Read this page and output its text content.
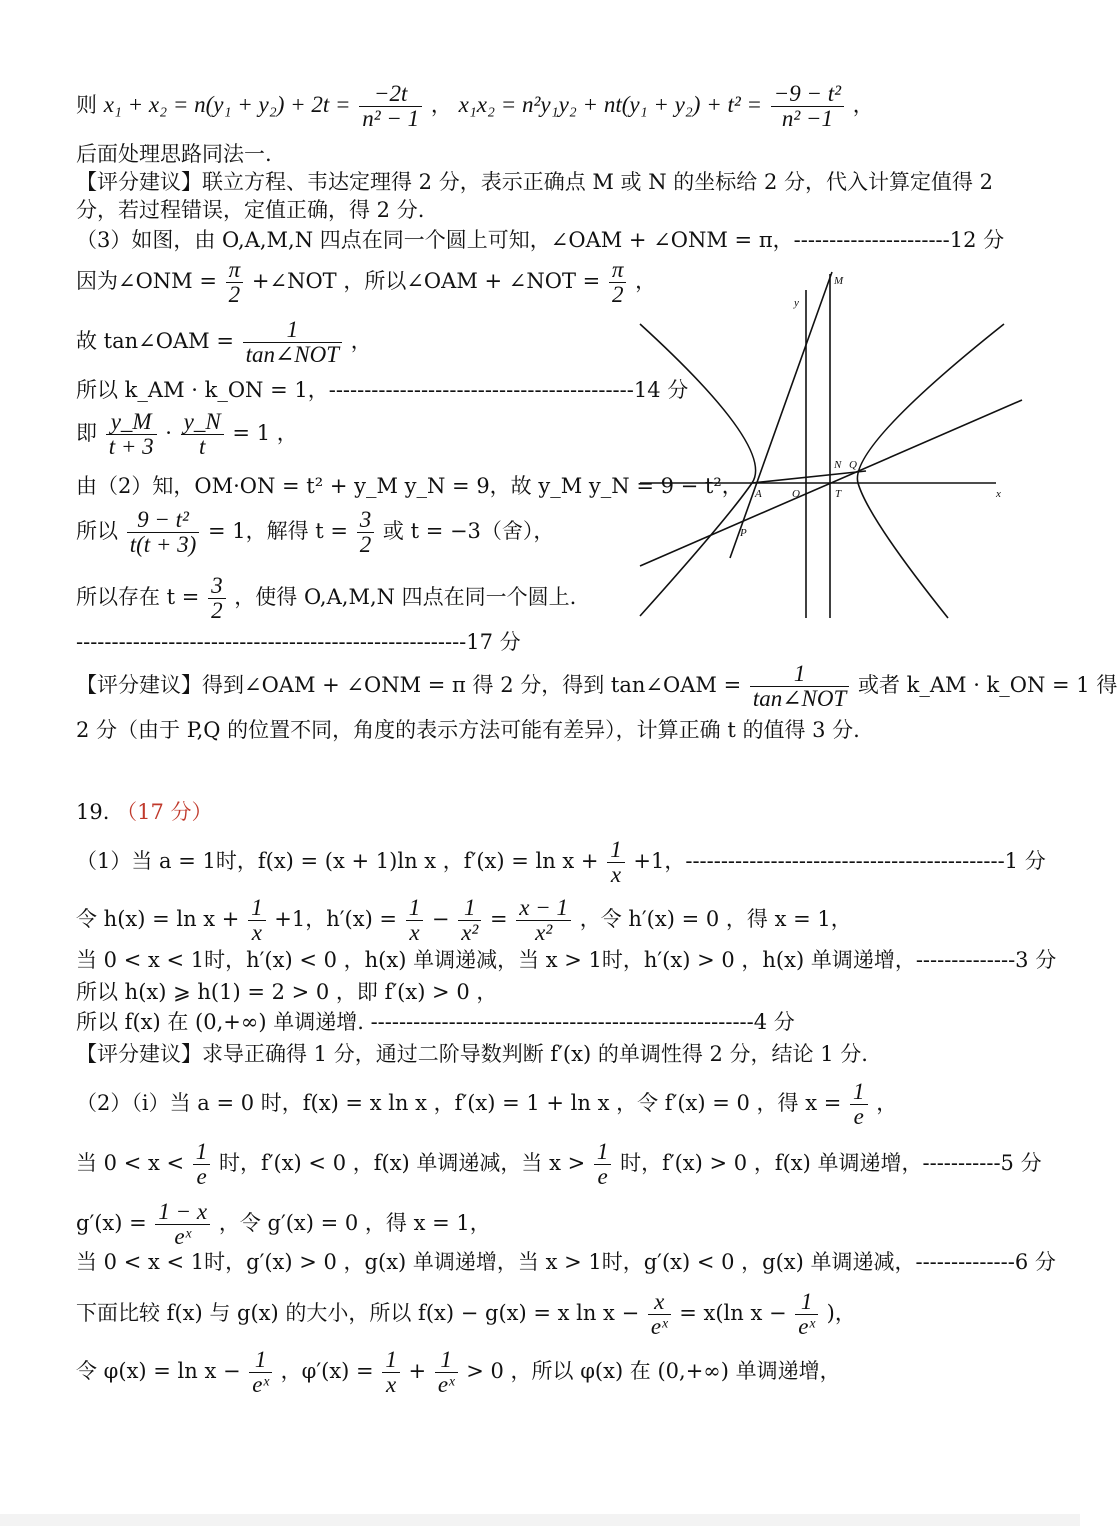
则 $x_1 + x_2 = n(y_1 + y_2) + 2t = \frac{-2t}{\text{n² − 1}}$ ， $x_1x_2 = n^2y_1y_2 + nt(y_1 + y_2) + t^2 = \frac{\text{−9 − t²}}{\text{n² −1}}$ ，
后面处理思路同法一.
【评分建议】联立方程、韦达定理得 2 分，表示正确点 M 或 N 的坐标给 2 分，代入计算定值得 2
分，若过程错误，定值正确，得 2 分.
（3）如图，由 O,A,M,N 四点在同一个圆上可知，∠OAM + ∠ONM = π，----------------------12 分
因为∠ONM = $\frac{\pi}{2}$ +∠NOT ，所以∠OAM + ∠NOT = $\frac{\pi}{2}$ ，
故 tan∠OAM =	1
tan∠NOT
，
所以 k_AM · k_ON = 1，-------------------------------------------14 分
即 $\frac{y\_M}{t + 3} \cdot \frac{y\_N}{t} = 1$ ，
由（2）知，OM·ON = t² + y_M y_N = 9，故 y_M y_N = 9 − t²，
所以 $\frac{\text{9 − t²}}{t(t + 3)} = 1$，解得 $t = \frac{3}{2}$ 或 t = −3（舍），
所以存在 $t = \frac{3}{2}$ ，使得 O,A,M,N 四点在同一个圆上.
-------------------------------------------------------17 分
【评分建议】得到∠OAM + ∠ONM = π 得 2 分，得到 tan∠OAM =	1
tan∠NOT
或者 k_AM · k_ON = 1 得
2 分（由于 P,Q 的位置不同，角度的表示方法可能有差异），计算正确 t 的值得 3 分.
19. （17 分）
（1）当 a = 1时，f(x) = (x + 1)ln x ，$f'(x) = \ln x + \frac{1}{x} +1$，---------------------------------------------1 分
令 $h(x) = \ln x + \frac{1}{x} +1$，$h'(x) = \frac{1}{x} - \frac{1}{\text{x²}} = \frac{x - 1}{\text{x²}}$ ，令 h′(x) = 0 ，得 x = 1，
当 0 < x < 1时，h′(x) < 0 ，h(x) 单调递减，当 x > 1时，h′(x) > 0 ，h(x) 单调递增，--------------3 分
所以 h(x) ⩾ h(1) = 2 > 0 ，即 f′(x) > 0 ，
所以 f(x) 在 (0,+∞) 单调递增. ------------------------------------------------------4 分
【评分建议】求导正确得 1 分，通过二阶导数判断 f′(x) 的单调性得 2 分，结论 1 分.
（2）（i）当 a = 0 时，f(x) = x ln x ，f′(x) = 1 + ln x ，令 f′(x) = 0 ，得 $x = \frac{1}{e}$ ，
当 $0 < x < \frac{1}{e}$ 时，f′(x) < 0 ，f(x) 单调递减，当 $x > \frac{1}{e}$ 时，f′(x) > 0 ，f(x) 单调递增，-----------5 分
$g'(x) = \frac{1 - x}{\text{eˣ}}$ ，令 g′(x) = 0 ，得 x = 1，
当 0 < x < 1时，g′(x) > 0 ，g(x) 单调递增，当 x > 1时，g′(x) < 0 ，g(x) 单调递减，--------------6 分
下面比较 f(x) 与 g(x) 的大小，所以 f(x) − g(x) = x $\ln x - \frac{x}{\text{eˣ}} = x(\ln$ $x - \frac{1}{\text{eˣ}}$ )，
令 $\varphi(x) = \ln x - \frac{1}{\text{eˣ}}$ ，$\varphi'(x) = \frac{1}{x} + \frac{1}{\text{eˣ}} > 0$ ，所以 φ(x) 在 (0,+∞) 单调递增，
M
y
N Q
A	O	T	x
P
